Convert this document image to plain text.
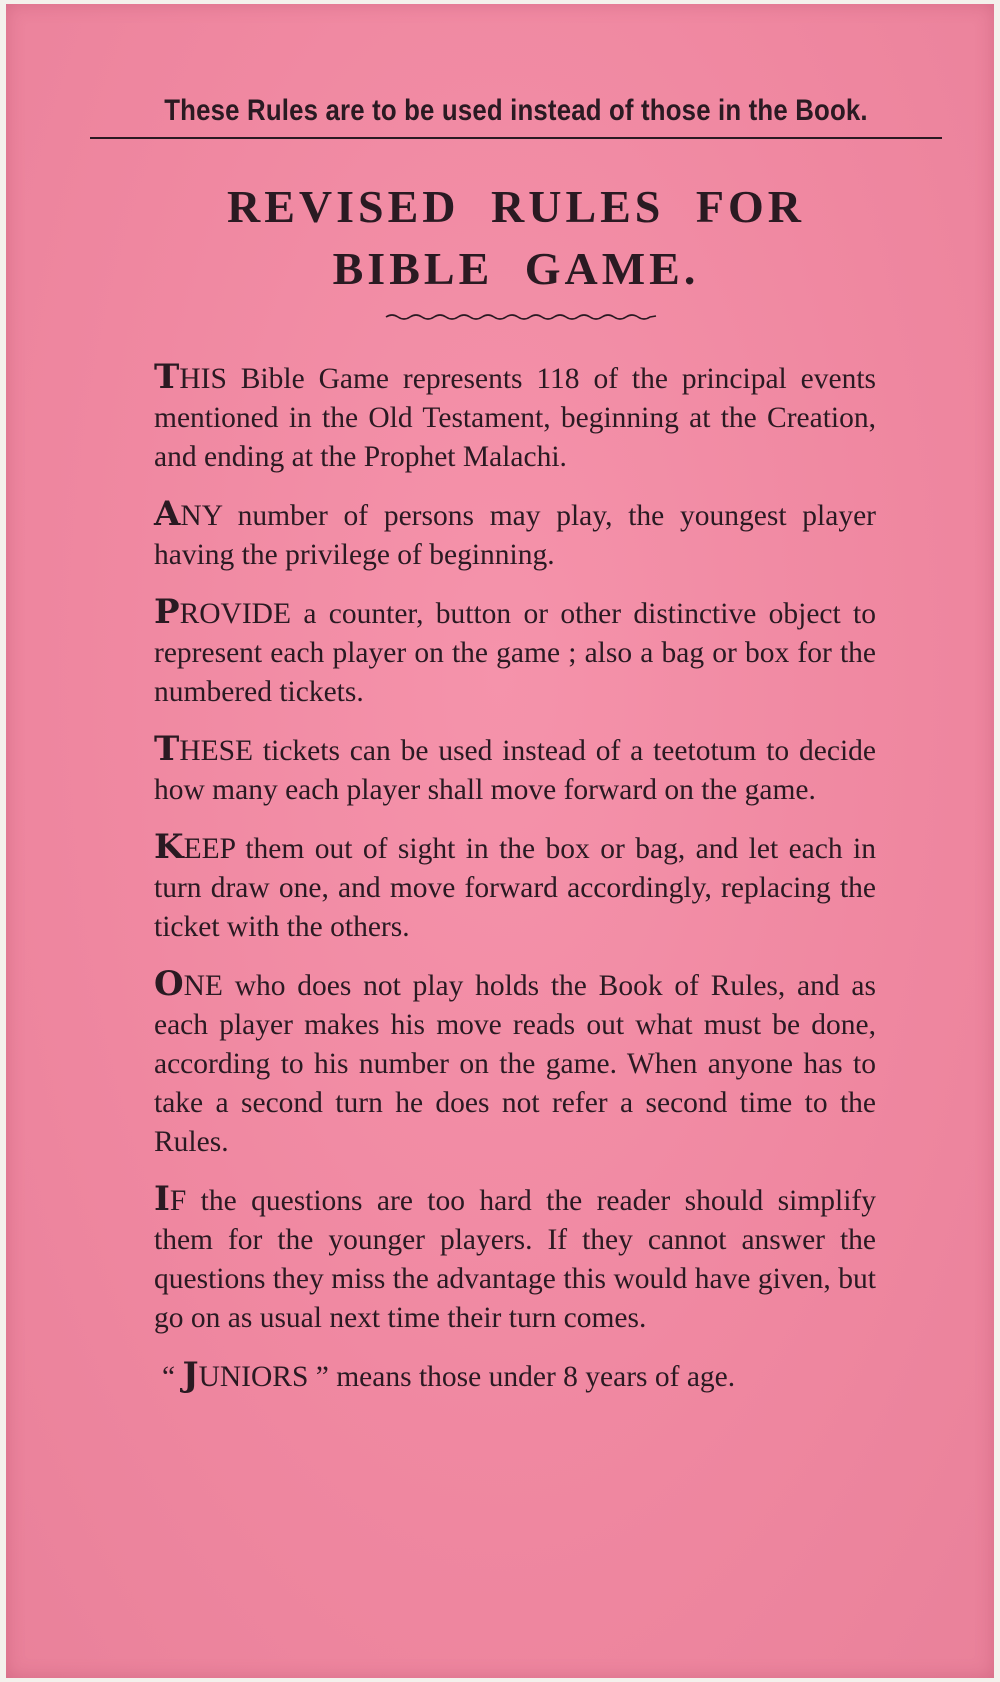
These Rules are to be used instead of those in the Book.
REVISED RULES FOR
BIBLE GAME.

THIS Bible Game represents 118 of the principal events mentioned in the Old Testament, beginning at the Creation, and ending at the Prophet Malachi.

ANY number of persons may play, the youngest player having the privilege of beginning.

PROVIDE a counter, button or other distinctive object to represent each player on the game ; also a bag or box for the numbered tickets.

THESE tickets can be used instead of a teetotum to decide how many each player shall move forward on the game.

KEEP them out of sight in the box or bag, and let each in turn draw one, and move forward accordingly, replacing the ticket with the others.

ONE who does not play holds the Book of Rules, and as each player makes his move reads out what must be done, according to his number on the game. When anyone has to take a second turn he does not refer a second time to the Rules.

IF the questions are too hard the reader should simplify them for the younger players. If they cannot answer the questions they miss the advantage this would have given, but go on as usual next time their turn comes.

“ JUNIORS ” means those under 8 years of age.
